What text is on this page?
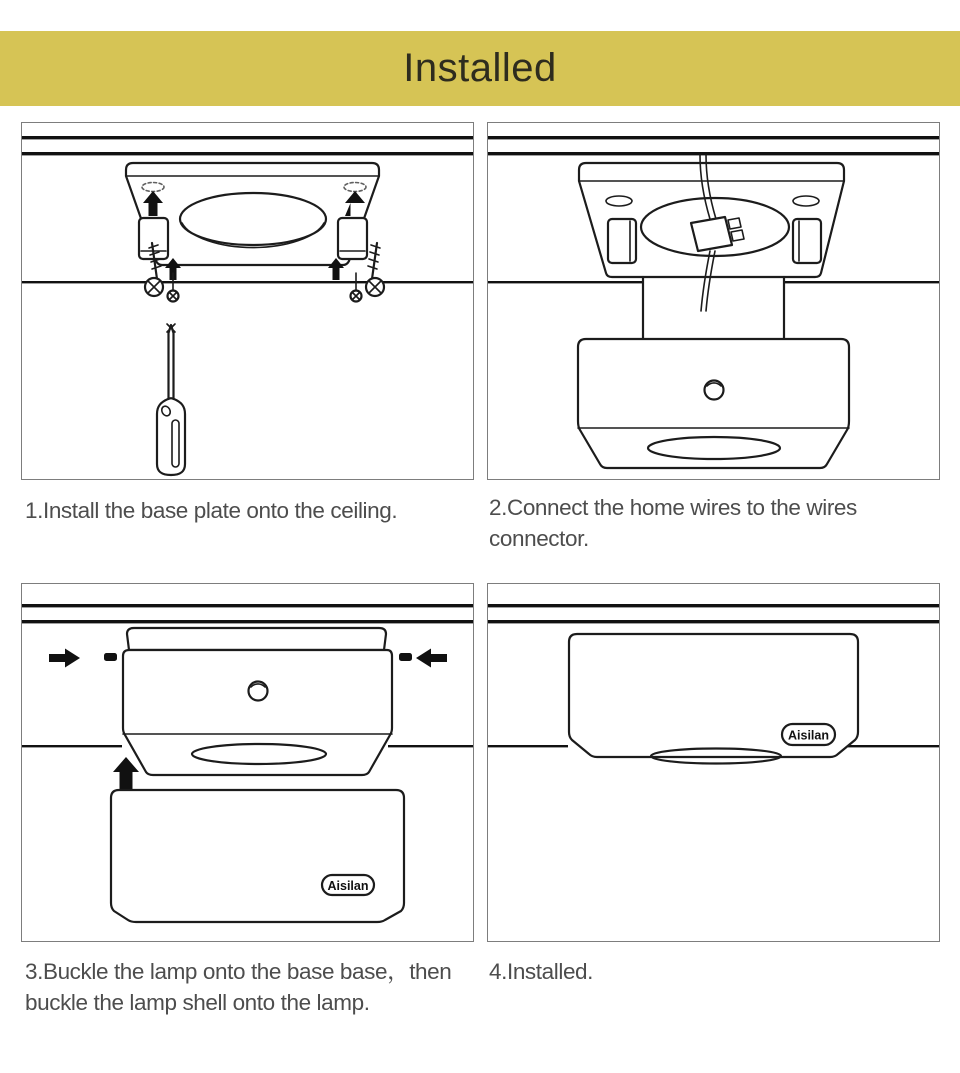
Installed
Aisilan
Aisilan
1.Install the base plate onto the ceiling.	2.Connect the home wires to the wires connector.
3.Buckle the lamp onto the base base，then buckle the lamp shell onto the lamp.
4.Installed.
